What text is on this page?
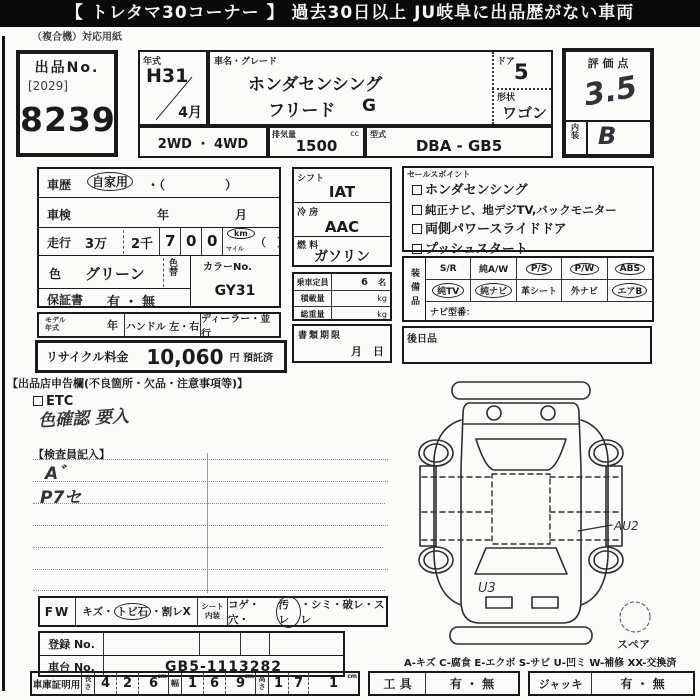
【 トレタマ30コーナー 】 過去30日以上 JU岐阜に出品歴がない車両
（複合機）対応用紙
出品No.
[2029]
8239
年式
H31
4月
車名・グレード
ホンダセンシング
フリード G
ドア 5
形状
ワゴン
評 価 点
3.5
内装 B
2WD ・ 4WD
排気量	cc
1500
型式
DBA - GB5
車歴	自家用	・（　　　　　）
車検	年	月
走行 3万 2千 7 0 0	km
マイル
（　）
色 グリーン
色替
カラーNo.
GY31
保証書 有 ・ 無
モデル年式	年 ハンドル 左・右
ディーラー・並行
リサイクル料金 10,060 円 預託済
【出品店申告欄(不良箇所・欠品・注意事項等)】
ETC
色確認 要入
【検査員記入】
A゛
P7セ
シフト
IAT
冷 房
AAC
燃 料
ガソリン
乗車定員	6 名
積載量	kg
総重量	kg
書類期限
月　日
セールスポイント
ホンダセンシング
純正ナビ、地デジTV,バックモニター
両側パワースライドドア
プッシュスタート
装備品 S/R 純A/W	P/S	P/W	ABS
純TV	純ナビ	革シート 外ナビ	エアB
ナビ型番：
後日品
AU2
U3
スペア
FW キズ・ トビ石 ・割レX シート
内装
コゲ・穴・
汚レ
・シミ・破レ・スレ
登録 No.
車台 No.	GB5-1113282	A-キズ C-腐食 E-エクボ S-サビ U-凹ミ W-補修 XX-交換済
車庫証明用
長さ 4 2 6 cm
幅 1 6 9 cm 高さ 1 7 1 cm
工 具	有 ・ 無	ジャッキ	有 ・ 無
